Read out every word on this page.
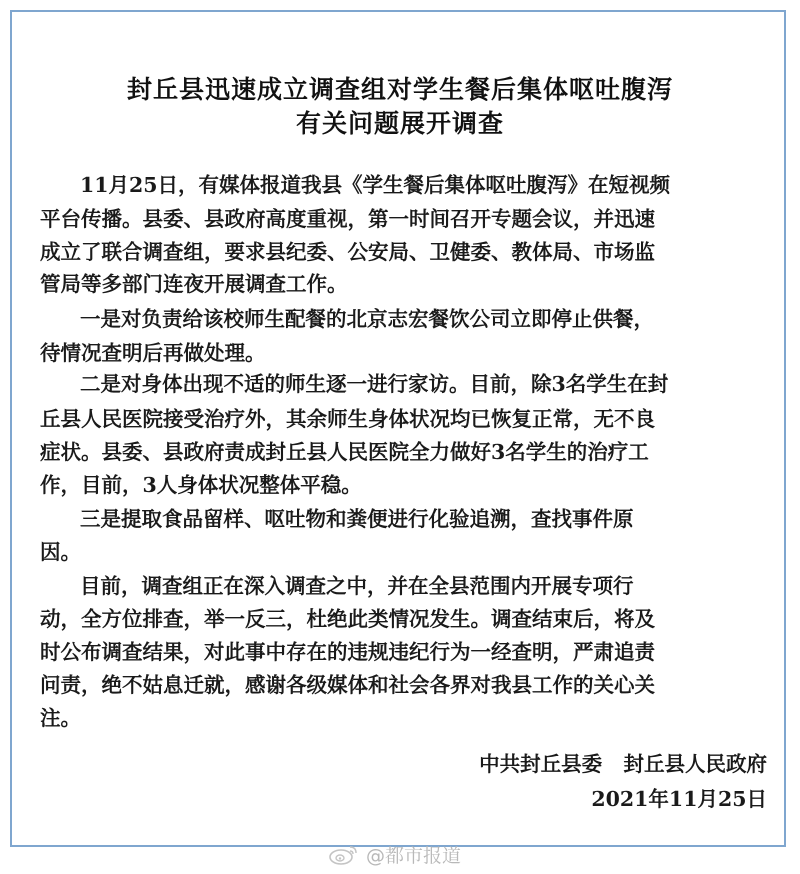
封丘县迅速成立调查组对学生餐后集体呕吐腹泻
有关问题展开调查
11月25日，有媒体报道我县《学生餐后集体呕吐腹泻》在短视频
平台传播。县委、县政府高度重视，第一时间召开专题会议，并迅速
成立了联合调查组，要求县纪委、公安局、卫健委、教体局、市场监
管局等多部门连夜开展调查工作。
一是对负责给该校师生配餐的北京志宏餐饮公司立即停止供餐，
待情况查明后再做处理。
二是对身体出现不适的师生逐一进行家访。目前，除3名学生在封
丘县人民医院接受治疗外，其余师生身体状况均已恢复正常，无不良
症状。县委、县政府责成封丘县人民医院全力做好3名学生的治疗工
作，目前，3人身体状况整体平稳。
三是提取食品留样、呕吐物和粪便进行化验追溯，查找事件原
因。
目前，调查组正在深入调查之中，并在全县范围内开展专项行
动，全方位排查，举一反三，杜绝此类情况发生。调查结束后，将及
时公布调查结果，对此事中存在的违规违纪行为一经查明，严肃追责
问责，绝不姑息迁就，感谢各级媒体和社会各界对我县工作的关心关
注。
中共封丘县委   封丘县人民政府
2021年11月25日
@都市报道
